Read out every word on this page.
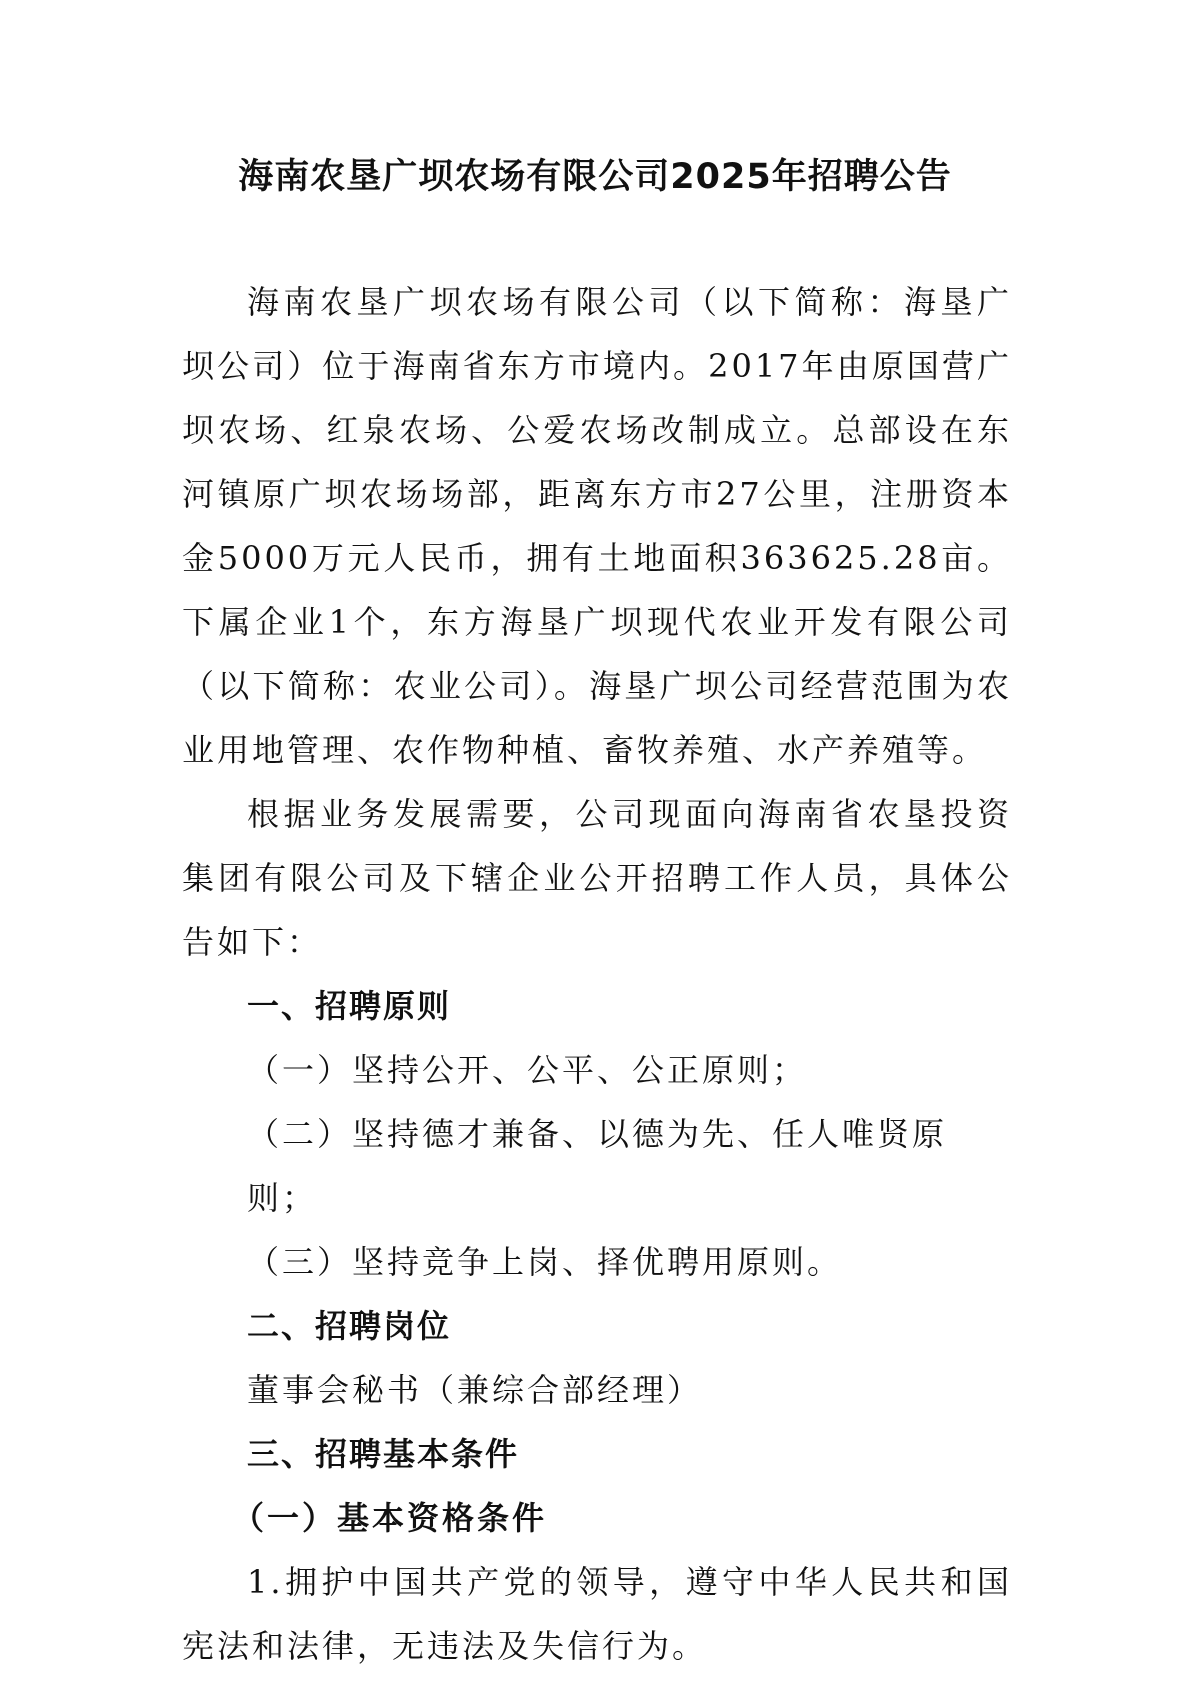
海南农垦广坝农场有限公司2025年招聘公告

海南农垦广坝农场有限公司（以下简称：海垦广坝公司）位于海南省东方市境内。2017年由原国营广坝农场、红泉农场、公爱农场改制成立。总部设在东河镇原广坝农场场部，距离东方市27公里，注册资本金5000万元人民币，拥有土地面积363625.28亩。下属企业1个，东方海垦广坝现代农业开发有限公司（以下简称：农业公司）。海垦广坝公司经营范围为农业用地管理、农作物种植、畜牧养殖、水产养殖等。

根据业务发展需要，公司现面向海南省农垦投资集团有限公司及下辖企业公开招聘工作人员，具体公告如下：

一、招聘原则

（一）坚持公开、公平、公正原则；

（二）坚持德才兼备、以德为先、任人唯贤原则；

（三）坚持竞争上岗、择优聘用原则。

二、招聘岗位

董事会秘书（兼综合部经理）

三、招聘基本条件

（一）基本资格条件

1.拥护中国共产党的领导，遵守中华人民共和国宪法和法律，无违法及失信行为。
